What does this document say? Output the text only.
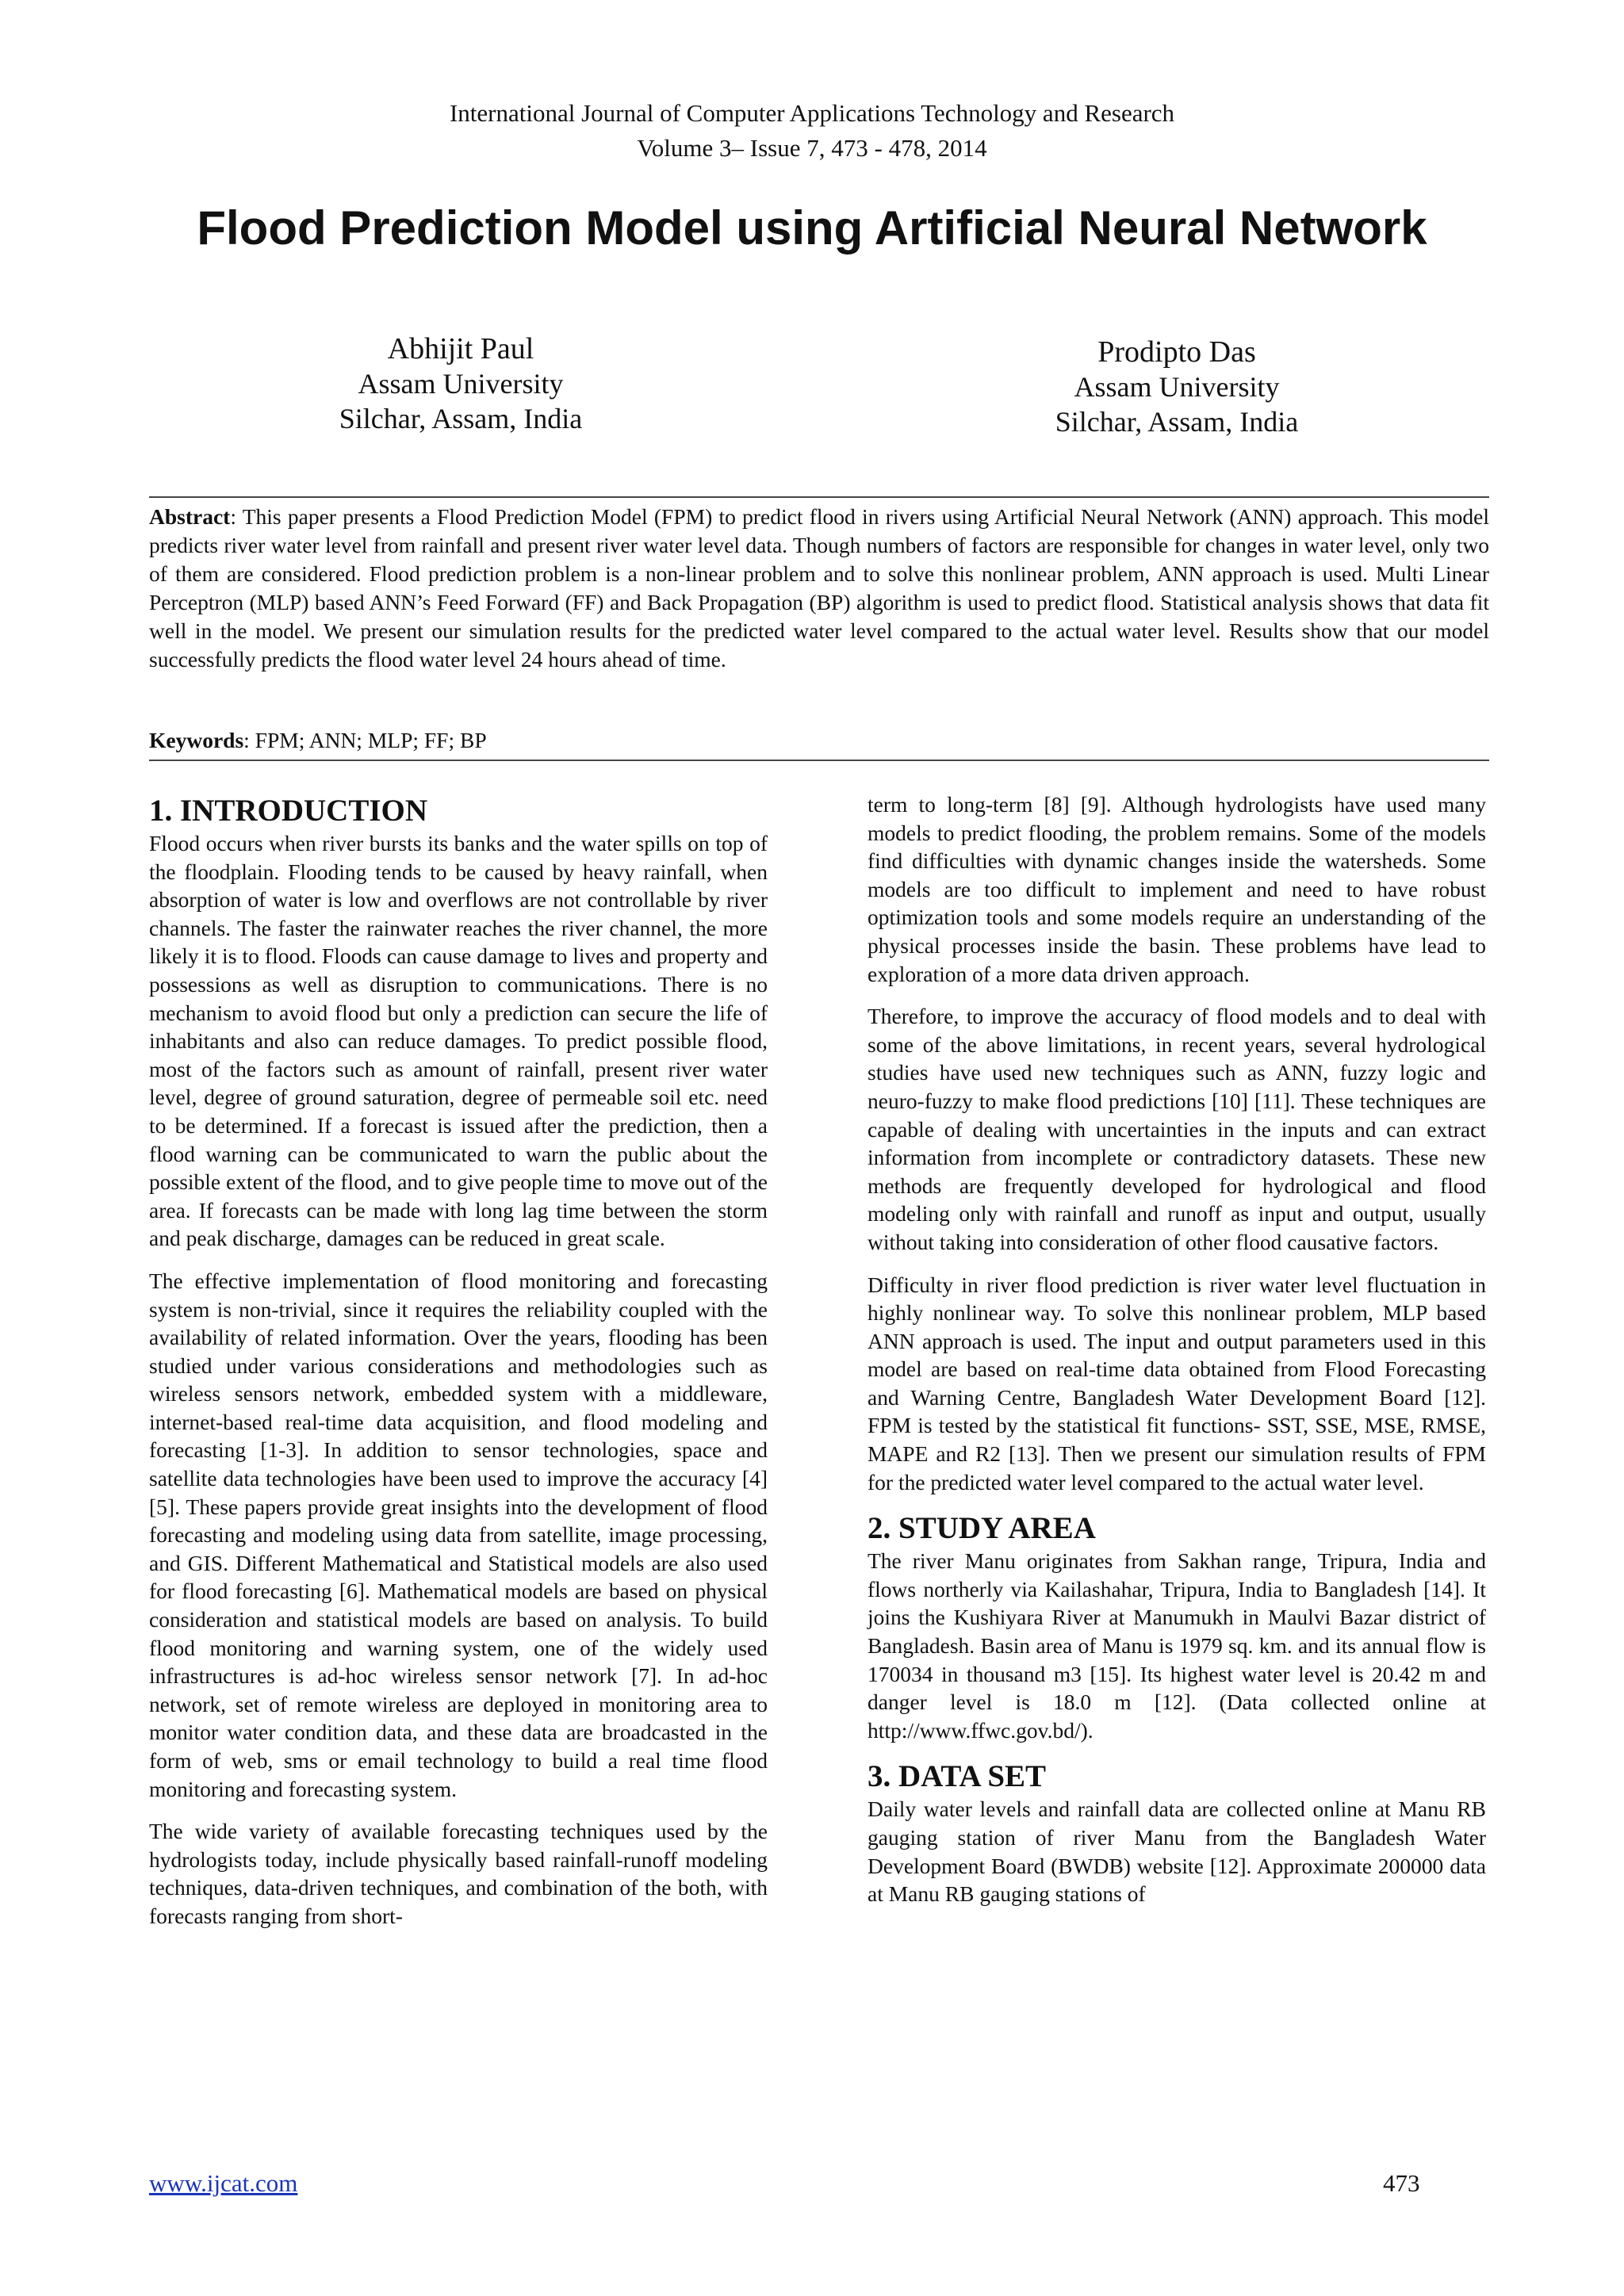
International Journal of Computer Applications Technology and Research
Volume 3– Issue 7, 473 - 478, 2014
Flood Prediction Model using Artificial Neural Network
Abhijit Paul
Assam University
Silchar, Assam, India
Prodipto Das
Assam University
Silchar, Assam, India
Abstract: This paper presents a Flood Prediction Model (FPM) to predict flood in rivers using Artificial Neural Network (ANN) approach. This model predicts river water level from rainfall and present river water level data. Though numbers of factors are responsible for changes in water level, only two of them are considered. Flood prediction problem is a non-linear problem and to solve this nonlinear problem, ANN approach is used. Multi Linear Perceptron (MLP) based ANN’s Feed Forward (FF) and Back Propagation (BP) algorithm is used to predict flood. Statistical analysis shows that data fit well in the model. We present our simulation results for the predicted water level compared to the actual water level. Results show that our model successfully predicts the flood water level 24 hours ahead of time.
Keywords: FPM; ANN; MLP; FF; BP
1. INTRODUCTION

Flood occurs when river bursts its banks and the water spills on top of the floodplain. Flooding tends to be caused by heavy rainfall, when absorption of water is low and overflows are not controllable by river channels. The faster the rainwater reaches the river channel, the more likely it is to flood. Floods can cause damage to lives and property and possessions as well as disruption to communications. There is no mechanism to avoid flood but only a prediction can secure the life of inhabitants and also can reduce damages. To predict possible flood, most of the factors such as amount of rainfall, present river water level, degree of ground saturation, degree of permeable soil etc. need to be determined. If a forecast is issued after the prediction, then a flood warning can be communicated to warn the public about the possible extent of the flood, and to give people time to move out of the area. If forecasts can be made with long lag time between the storm and peak discharge, damages can be reduced in great scale.

The effective implementation of flood monitoring and forecasting system is non-trivial, since it requires the reliability coupled with the availability of related information. Over the years, flooding has been studied under various considerations and methodologies such as wireless sensors network, embedded system with a middleware, internet-based real-time data acquisition, and flood modeling and forecasting [1-3]. In addition to sensor technologies, space and satellite data technologies have been used to improve the accuracy [4] [5]. These papers provide great insights into the development of flood forecasting and modeling using data from satellite, image processing, and GIS. Different Mathematical and Statistical models are also used for flood forecasting [6]. Mathematical models are based on physical consideration and statistical models are based on analysis. To build flood monitoring and warning system, one of the widely used infrastructures is ad-hoc wireless sensor network [7]. In ad-hoc network, set of remote wireless are deployed in monitoring area to monitor water condition data, and these data are broadcasted in the form of web, sms or email technology to build a real time flood monitoring and forecasting system.

The wide variety of available forecasting techniques used by the hydrologists today, include physically based rainfall-runoff modeling techniques, data-driven techniques, and combination of the both, with forecasts ranging from short-

term to long-term [8] [9]. Although hydrologists have used many models to predict flooding, the problem remains. Some of the models find difficulties with dynamic changes inside the watersheds. Some models are too difficult to implement and need to have robust optimization tools and some models require an understanding of the physical processes inside the basin. These problems have lead to exploration of a more data driven approach.

Therefore, to improve the accuracy of flood models and to deal with some of the above limitations, in recent years, several hydrological studies have used new techniques such as ANN, fuzzy logic and neuro-fuzzy to make flood predictions [10] [11]. These techniques are capable of dealing with uncertainties in the inputs and can extract information from incomplete or contradictory datasets. These new methods are frequently developed for hydrological and flood modeling only with rainfall and runoff as input and output, usually without taking into consideration of other flood causative factors.

Difficulty in river flood prediction is river water level fluctuation in highly nonlinear way. To solve this nonlinear problem, MLP based ANN approach is used. The input and output parameters used in this model are based on real-time data obtained from Flood Forecasting and Warning Centre, Bangladesh Water Development Board [12]. FPM is tested by the statistical fit functions- SST, SSE, MSE, RMSE, MAPE and R2 [13]. Then we present our simulation results of FPM for the predicted water level compared to the actual water level.

2. STUDY AREA

The river Manu originates from Sakhan range, Tripura, India and flows northerly via Kailashahar, Tripura, India to Bangladesh [14]. It joins the Kushiyara River at Manumukh in Maulvi Bazar district of Bangladesh. Basin area of Manu is 1979 sq. km. and its annual flow is 170034 in thousand m3 [15]. Its highest water level is 20.42 m and danger level is 18.0 m [12]. (Data collected online at http://www.ffwc.gov.bd/).

3. DATA SET

Daily water levels and rainfall data are collected online at Manu RB gauging station of river Manu from the Bangladesh Water Development Board (BWDB) website [12]. Approximate 200000 data at Manu RB gauging stations of

www.ijcat.com	473
